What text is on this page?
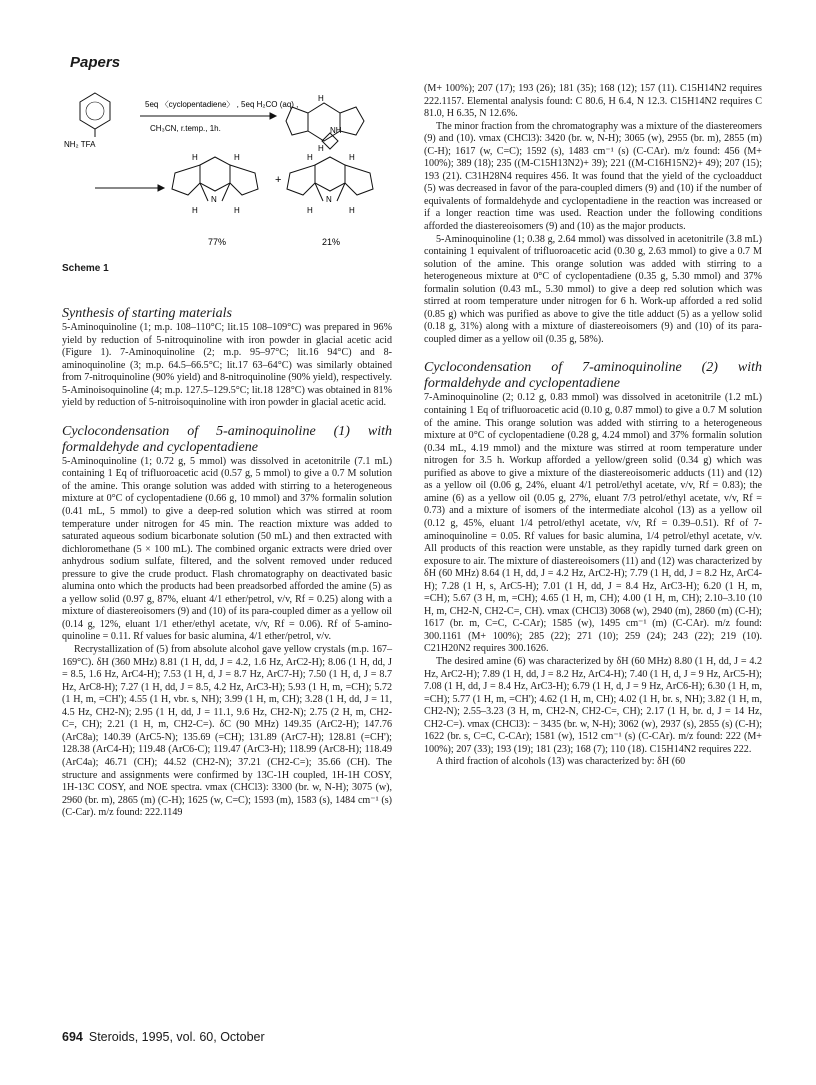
Papers
5eq 〈cyclopentadiene〉 , 5eq H₂CO (aq) ,
CH₃CN, r.temp., 1h.
NH₂ TFA
NH
H
H
N	N
H	H
H	H
H	H
H	H
+
77%	21%
Scheme 1

Synthesis of starting materials

5-Aminoquinoline (1; m.p. 108–110°C; lit.15 108–109°C) was prepared in 96% yield by reduction of 5-nitroquinoline with iron powder in glacial acetic acid (Figure 1). 7-Aminoquinoline (2; m.p. 95–97°C; lit.16 94°C) and 8-aminoquinoline (3; m.p. 64.5–66.5°C; lit.17 63–64°C) was similarly obtained from 7-nitroquinoline (90% yield) and 8-nitroquinoline (90% yield), respectively. 5-Aminoisoquinoline (4; m.p. 127.5–129.5°C; lit.18 128°C) was obtained in 81% yield by reduction of 5-nitroisoquinoline with iron powder in glacial acetic acid.

Cyclocondensation of 5-aminoquinoline (1) with formaldehyde and cyclopentadiene

5-Aminoquinoline (1; 0.72 g, 5 mmol) was dissolved in acetonitrile (7.1 mL) containing 1 Eq of trifluoroacetic acid (0.57 g, 5 mmol) to give a 0.7 M solution of the amine. This orange solution was added with stirring to a heterogeneous mixture at 0°C of cyclopentadiene (0.66 g, 10 mmol) and 37% formalin solution (0.41 mL, 5 mmol) to give a deep-red solution which was stirred at room temperature under nitrogen for 45 min. The reaction mixture was added to saturated aqueous sodium bicarbonate solution (50 mL) and then extracted with dichloromethane (5 × 100 mL). The combined organic extracts were dried over anhydrous sodium sulfate, filtered, and the solvent removed under reduced pressure to give the crude product. Flash chromatography on deactivated basic alumina onto which the products had been preadsorbed afforded the amine (5) as a yellow solid (0.97 g, 87%, eluant 4/1 ether/petrol, v/v, Rf = 0.25) along with a mixture of diastereoisomers (9) and (10) of its para-coupled dimer as a yellow oil (0.14 g, 12%, eluant 1/1 ether/ethyl acetate, v/v, Rf = 0.06). Rf of 5-amino-quinoline = 0.11. Rf values for basic alumina, 4/1 ether/petrol, v/v.

Recrystallization of (5) from absolute alcohol gave yellow crystals (m.p. 167–169°C). δH (360 MHz) 8.81 (1 H, dd, J = 4.2, 1.6 Hz, ArC2-H); 8.06 (1 H, dd, J = 8.5, 1.6 Hz, ArC4-H); 7.53 (1 H, d, J = 8.7 Hz, ArC7-H); 7.50 (1 H, d, J = 8.7 Hz, ArC8-H); 7.27 (1 H, dd, J = 8.5, 4.2 Hz, ArC3-H); 5.93 (1 H, m, =CH); 5.72 (1 H, m, =CH'); 4.55 (1 H, vbr. s, NH); 3.99 (1 H, m, CH); 3.28 (1 H, dd, J = 11, 4.5 Hz, CH2-N); 2.95 (1 H, dd, J = 11.1, 9.6 Hz, CH2-N); 2.75 (2 H, m, CH2-C=, CH); 2.21 (1 H, m, CH2-C=). δC (90 MHz) 149.35 (ArC2-H); 147.76 (ArC8a); 140.39 (ArC5-N); 135.69 (=CH); 131.89 (ArC7-H); 128.81 (=CH'); 128.38 (ArC4-H); 119.48 (ArC6-C); 119.47 (ArC3-H); 118.99 (ArC8-H); 118.49 (ArC4a); 46.71 (CH); 44.52 (CH2-N); 37.21 (CH2-C=); 35.66 (CH). The structure and assignments were confirmed by 13C-1H coupled, 1H-1H COSY, 1H-13C COSY, and NOE spectra. νmax (CHCl3): 3300 (br. w, N-H); 3075 (w), 2960 (br. m), 2865 (m) (C-H); 1625 (w, C=C); 1593 (m), 1583 (s), 1484 cm⁻¹ (s) (C-Car). m/z found: 222.1149

(M+ 100%); 207 (17); 193 (26); 181 (35); 168 (12); 157 (11). C15H14N2 requires 222.1157. Elemental analysis found: C 80.6, H 6.4, N 12.3. C15H14N2 requires C 81.0, H 6.35, N 12.6%.

The minor fraction from the chromatography was a mixture of the diastereomers (9) and (10). νmax (CHCl3): 3420 (br. w, N-H); 3065 (w), 2955 (br. m), 2855 (m) (C-H); 1617 (w, C=C); 1592 (s), 1483 cm⁻¹ (s) (C-CAr). m/z found: 456 (M+ 100%); 389 (18); 235 ((M-C15H13N2)+ 39); 221 ((M-C16H15N2)+ 49); 207 (15); 193 (21). C31H28N4 requires 456. It was found that the yield of the cycloadduct (5) was decreased in favor of the para-coupled dimers (9) and (10) if the number of equivalents of formaldehyde and cyclopentadiene in the reaction was increased or if a longer reaction time was used. Reaction under the following conditions afforded the diastereoisomers (9) and (10) as the major products.

5-Aminoquinoline (1; 0.38 g, 2.64 mmol) was dissolved in acetonitrile (3.8 mL) containing 1 equivalent of trifluoroacetic acid (0.30 g, 2.63 mmol) to give a 0.7 M solution of the amine. This orange solution was added with stirring to a heterogeneous mixture at 0°C of cyclopentadiene (0.35 g, 5.30 mmol) and 37% formalin solution (0.43 mL, 5.30 mmol) to give a deep red solution which was stirred at room temperature under nitrogen for 6 h. Work-up afforded a red solid (0.85 g) which was purified as above to give the title adduct (5) as a yellow solid (0.18 g, 31%) along with a mixture of diastereoisomers (9) and (10) of its para-coupled dimer as a yellow oil (0.35 g, 58%).

Cyclocondensation of 7-aminoquinoline (2) with formaldehyde and cyclopentadiene

7-Aminoquinoline (2; 0.12 g, 0.83 mmol) was dissolved in acetonitrile (1.2 mL) containing 1 Eq of trifluoroacetic acid (0.10 g, 0.87 mmol) to give a 0.7 M solution of the amine. This orange solution was added with stirring to a heterogeneous mixture at 0°C of cyclopentadiene (0.28 g, 4.24 mmol) and 37% formalin solution (0.34 mL, 4.19 mmol) and the mixture was stirred at room temperature under nitrogen for 3.5 h. Workup afforded a yellow/green solid (0.34 g) which was purified as above to give a mixture of the diastereoisomeric adducts (11) and (12) as a yellow oil (0.06 g, 24%, eluant 4/1 petrol/ethyl acetate, v/v, Rf = 0.83); the amine (6) as a yellow oil (0.05 g, 27%, eluant 7/3 petrol/ethyl acetate, v/v, Rf = 0.73) and a mixture of isomers of the intermediate alcohol (13) as a yellow oil (0.12 g, 45%, eluant 1/4 petrol/ethyl acetate, v/v, Rf = 0.39–0.51). Rf of 7-aminoquinoline = 0.05. Rf values for basic alumina, 1/4 petrol/ethyl acetate, v/v. All products of this reaction were unstable, as they rapidly turned dark green on exposure to air. The mixture of diastereoisomers (11) and (12) was characterized by δH (60 MHz) 8.64 (1 H, dd, J = 4.2 Hz, ArC2-H); 7.79 (1 H, dd, J = 8.2 Hz, ArC4-H); 7.28 (1 H, s, ArC5-H); 7.01 (1 H, dd, J = 8.4 Hz, ArC3-H); 6.20 (1 H, m, =CH); 5.67 (3 H, m, =CH); 4.65 (1 H, m, CH); 4.00 (1 H, m, CH); 2.10–3.10 (10 H, m, CH2-N, CH2-C=, CH). νmax (CHCl3) 3068 (w), 2940 (m), 2860 (m) (C-H); 1617 (br. m, C=C, C-CAr); 1585 (w), 1495 cm⁻¹ (m) (C-CAr). m/z found: 300.1161 (M+ 100%); 285 (22); 271 (10); 259 (24); 243 (22); 219 (10). C21H20N2 requires 300.1626.

The desired amine (6) was characterized by δH (60 MHz) 8.80 (1 H, dd, J = 4.2 Hz, ArC2-H); 7.89 (1 H, dd, J = 8.2 Hz, ArC4-H); 7.40 (1 H, d, J = 9 Hz, ArC5-H); 7.08 (1 H, dd, J = 8.4 Hz, ArC3-H); 6.79 (1 H, d, J = 9 Hz, ArC6-H); 6.30 (1 H, m, =CH); 5.77 (1 H, m, =CH'); 4.62 (1 H, m, CH); 4.02 (1 H, br. s, NH); 3.82 (1 H, m, CH2-N); 2.55–3.23 (3 H, m, CH2-N, CH2-C=, CH); 2.17 (1 H, br. d, J = 14 Hz, CH2-C=). νmax (CHCl3): − 3435 (br. w, N-H); 3062 (w), 2937 (s), 2855 (s) (C-H); 1622 (br. s, C=C, C-CAr); 1581 (w), 1512 cm⁻¹ (s) (C-CAr). m/z found: 222 (M+ 100%); 207 (33); 193 (19); 181 (23); 168 (7); 110 (18). C15H14N2 requires 222.

A third fraction of alcohols (13) was characterized by: δH (60

694 Steroids, 1995, vol. 60, October
